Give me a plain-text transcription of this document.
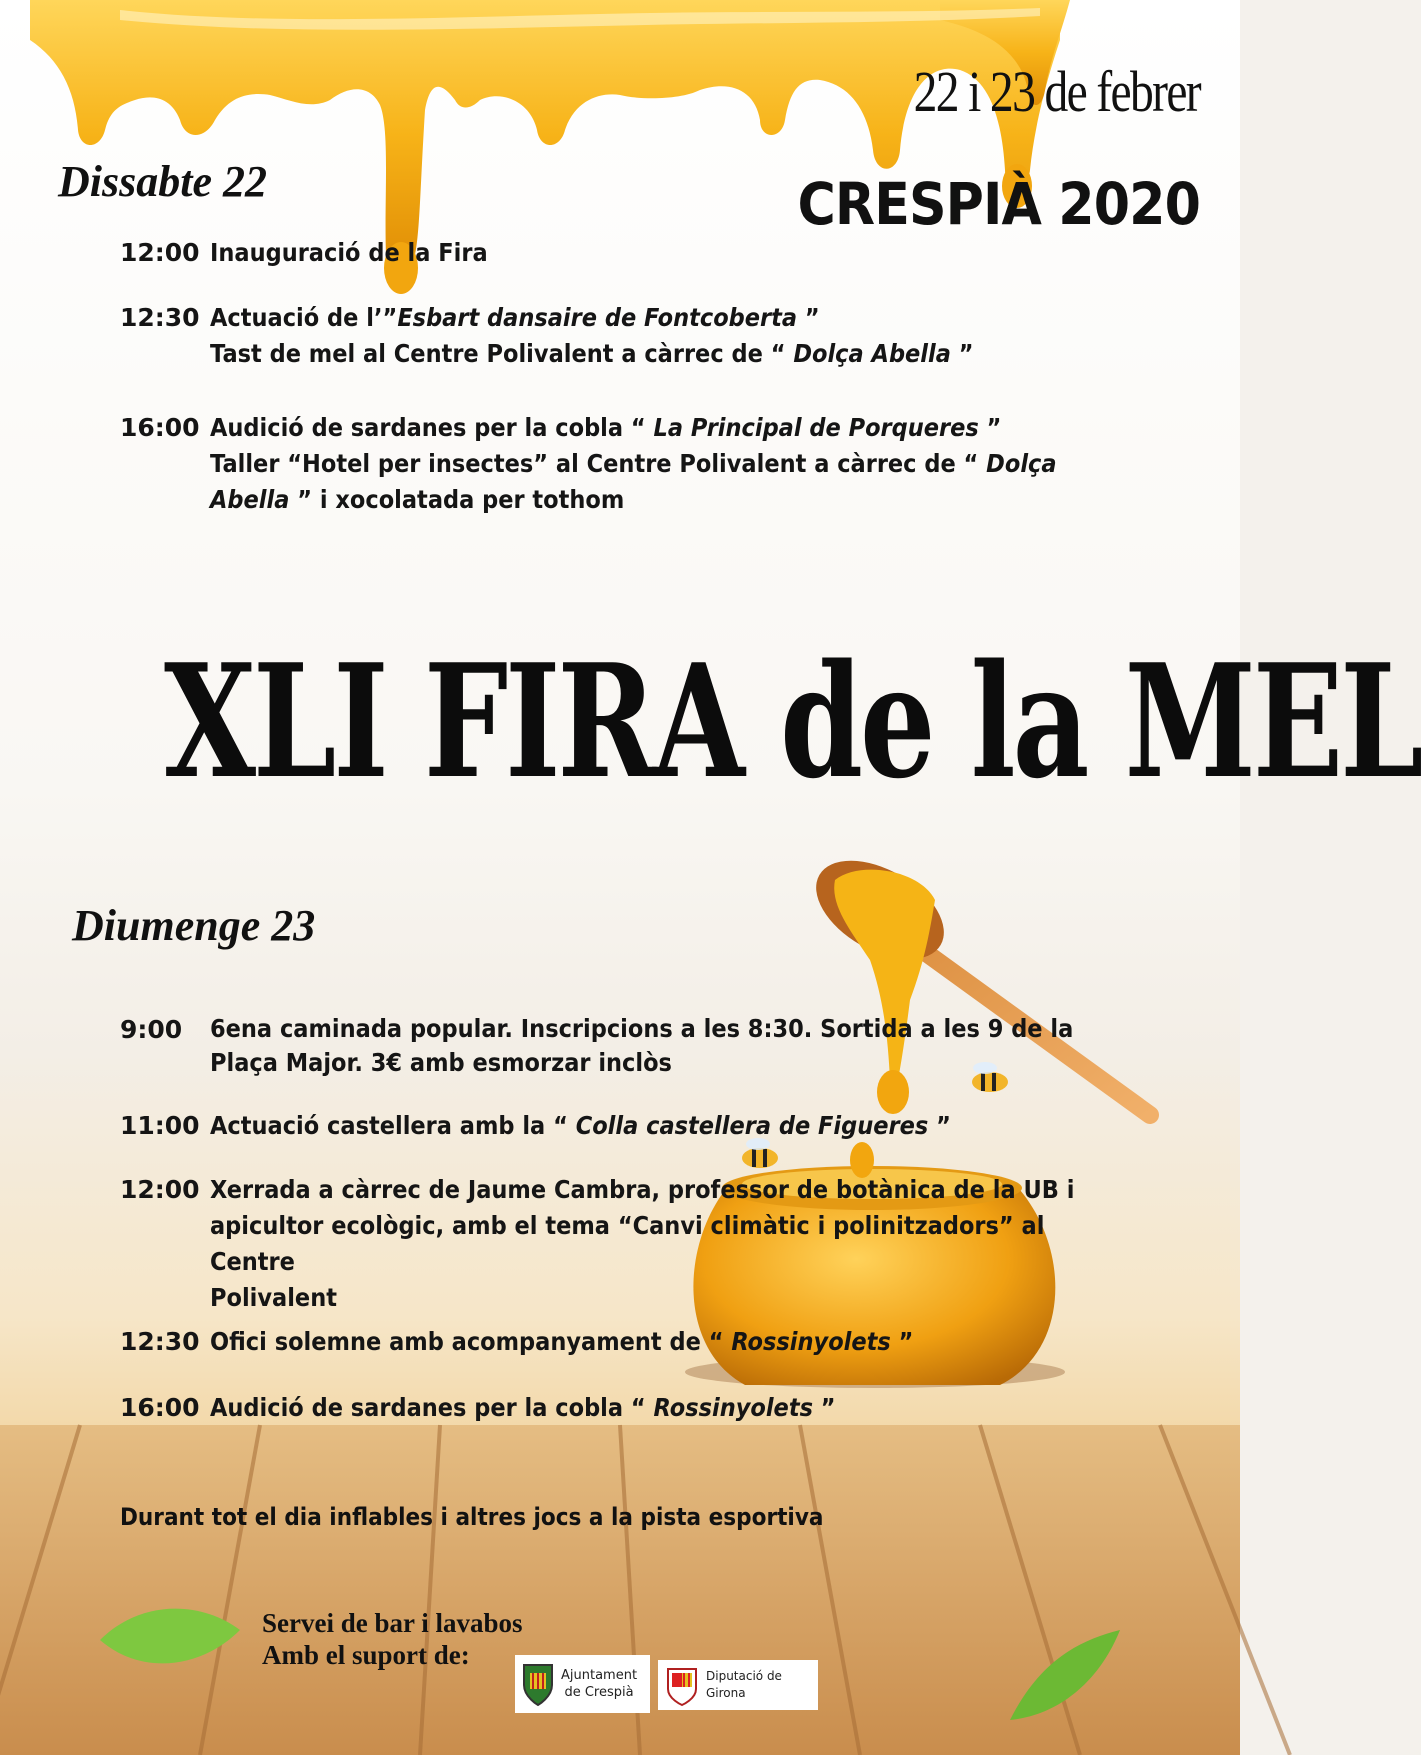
22 i 23 de febrer
CRESPIÀ 2020
Dissabte 22
12:00 Inauguració de la Fira
12:30 Actuació de l’”Esbart dansaire de Fontcoberta ”
Tast de mel al Centre Polivalent a càrrec de “ Dolça Abella ”
16:00 Audició de sardanes per la cobla “ La Principal de Porqueres ”
Taller “Hotel per insectes” al Centre Polivalent a càrrec de “ Dolça
Abella ” i xocolatada per tothom
XLI FIRA de la MEL
Diumenge 23
9:00 6ena caminada popular. Inscripcions a les 8:30. Sortida a les 9 de la
Plaça Major. 3€ amb esmorzar inclòs
11:00 Actuació castellera amb la “ Colla castellera de Figueres ”
12:00 Xerrada a càrrec de Jaume Cambra, professor de botànica de la UB i
apicultor ecològic, amb el tema “Canvi climàtic i polinitzadors” al Centre
Polivalent
12:30 Ofici solemne amb acompanyament de “ Rossinyolets ”
16:00 Audició de sardanes per la cobla “ Rossinyolets ”
Durant tot el dia inflables i altres jocs a la pista esportiva
Servei de bar i lavabos
Amb el suport de:
Ajuntament
de Crespià
Diputació de Girona
